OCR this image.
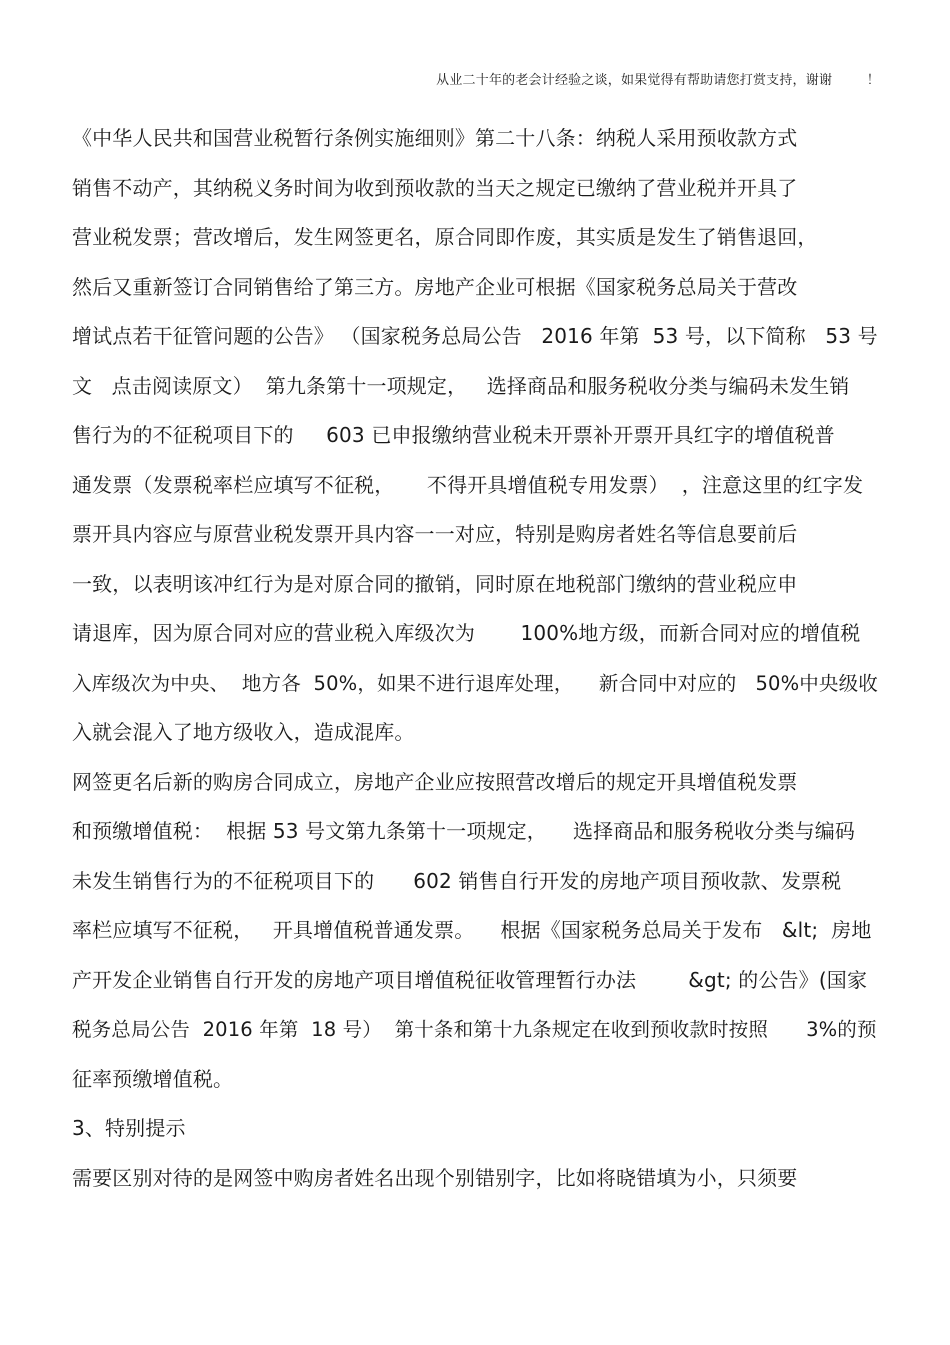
从业二十年的老会计经验之谈，如果觉得有帮助请您打赏支持，谢谢        ！
《中华人民共和国营业税暂行条例实施细则》第二十八条：纳税人采用预收款方式
销售不动产，其纳税义务时间为收到预收款的当天之规定已缴纳了营业税并开具了
营业税发票；营改增后，发生网签更名，原合同即作废，其实质是发生了销售退回，
然后又重新签订合同销售给了第三方。房地产企业可根据《国家税务总局关于营改
增试点若干征管问题的公告》 （国家税务总局公告   2016 年第  53 号，以下简称   53 号
文   点击阅读原文）  第九条第十一项规定，   选择商品和服务税收分类与编码未发生销
售行为的不征税项目下的     603 已申报缴纳营业税未开票补开票开具红字的增值税普
通发票（发票税率栏应填写不征税，     不得开具增值税专用发票）  ，注意这里的红字发
票开具内容应与原营业税发票开具内容一一对应，特别是购房者姓名等信息要前后
一致，以表明该冲红行为是对原合同的撤销，同时原在地税部门缴纳的营业税应申
请退库，因为原合同对应的营业税入库级次为       100%地方级，而新合同对应的增值税
入库级次为中央、  地方各  50%，如果不进行退库处理，    新合同中对应的   50%中央级收
入就会混入了地方级收入，造成混库。
网签更名后新的购房合同成立，房地产企业应按照营改增后的规定开具增值税发票
和预缴增值税：  根据 53 号文第九条第十一项规定，    选择商品和服务税收分类与编码
未发生销售行为的不征税项目下的      602 销售自行开发的房地产项目预收款、发票税
率栏应填写不征税，   开具增值税普通发票。    根据《国家税务总局关于发布   &lt;  房地
产开发企业销售自行开发的房地产项目增值税征收管理暂行办法        &gt; 的公告》(国家
税务总局公告  2016 年第  18 号）  第十条和第十九条规定在收到预收款时按照      3%的预
征率预缴增值税。
3、特别提示
需要区别对待的是网签中购房者姓名出现个别错别字，比如将晓错填为小，只须要
